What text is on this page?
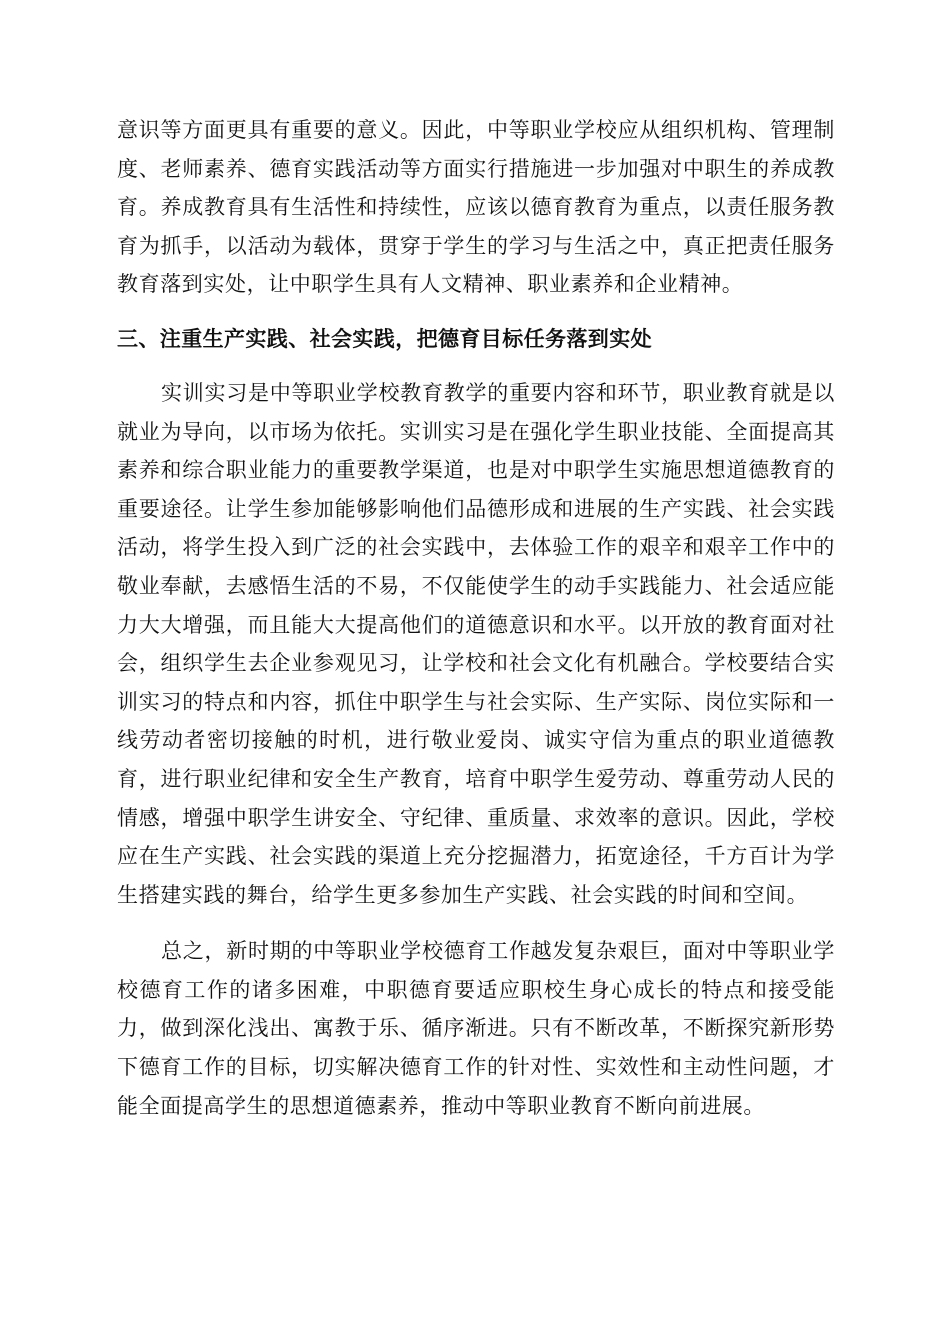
意识等方面更具有重要的意义。因此，中等职业学校应从组织机构、管理制度、老师素养、德育实践活动等方面实行措施进一步加强对中职生的养成教育。养成教育具有生活性和持续性，应该以德育教育为重点，以责任服务教育为抓手，以活动为载体，贯穿于学生的学习与生活之中，真正把责任服务教育落到实处，让中职学生具有人文精神、职业素养和企业精神。

三、注重生产实践、社会实践，把德育目标任务落到实处

实训实习是中等职业学校教育教学的重要内容和环节，职业教育就是以就业为导向，以市场为依托。实训实习是在强化学生职业技能、全面提高其素养和综合职业能力的重要教学渠道，也是对中职学生实施思想道德教育的重要途径。让学生参加能够影响他们品德形成和进展的生产实践、社会实践活动，将学生投入到广泛的社会实践中，去体验工作的艰辛和艰辛工作中的敬业奉献，去感悟生活的不易，不仅能使学生的动手实践能力、社会适应能力大大增强，而且能大大提高他们的道德意识和水平。以开放的教育面对社会，组织学生去企业参观见习，让学校和社会文化有机融合。学校要结合实训实习的特点和内容，抓住中职学生与社会实际、生产实际、岗位实际和一线劳动者密切接触的时机，进行敬业爱岗、诚实守信为重点的职业道德教育，进行职业纪律和安全生产教育，培育中职学生爱劳动、尊重劳动人民的情感，增强中职学生讲安全、守纪律、重质量、求效率的意识。因此，学校应在生产实践、社会实践的渠道上充分挖掘潜力，拓宽途径，千方百计为学生搭建实践的舞台，给学生更多参加生产实践、社会实践的时间和空间。

总之，新时期的中等职业学校德育工作越发复杂艰巨，面对中等职业学校德育工作的诸多困难，中职德育要适应职校生身心成长的特点和接受能力，做到深化浅出、寓教于乐、循序渐进。只有不断改革，不断探究新形势下德育工作的目标，切实解决德育工作的针对性、实效性和主动性问题，才能全面提高学生的思想道德素养，推动中等职业教育不断向前进展。
